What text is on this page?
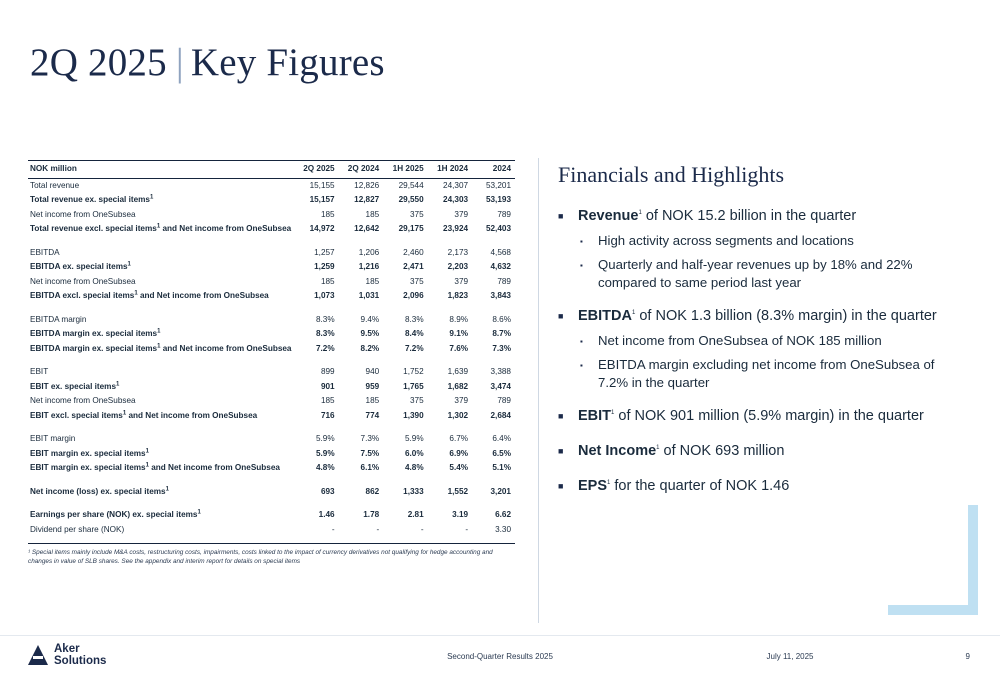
2Q 2025 | Key Figures
NOK million	2Q 2025	2Q 2024	1H 2025	1H 2024	2024
Total revenue	15,155	12,826	29,544	24,307	53,201
Total revenue ex. special items$^1$	15,157	12,827	29,550	24,303	53,193
Net income from OneSubsea	185	185	375	379	789
Total revenue excl. special items$^1$ and Net income from OneSubsea	14,972	12,642	29,175	23,924	52,403

EBITDA	1,257	1,206	2,460	2,173	4,568
EBITDA ex. special items$^1$	1,259	1,216	2,471	2,203	4,632
Net income from OneSubsea	185	185	375	379	789
EBITDA excl. special items$^1$ and Net income from OneSubsea	1,073	1,031	2,096	1,823	3,843

EBITDA margin	8.3%	9.4%	8.3%	8.9%	8.6%
EBITDA margin ex. special items$^1$	8.3%	9.5%	8.4%	9.1%	8.7%
EBITDA margin ex. special items$^1$ and Net income from OneSubsea	7.2%	8.2%	7.2%	7.6%	7.3%

EBIT	899	940	1,752	1,639	3,388
EBIT ex. special items$^1$	901	959	1,765	1,682	3,474
Net income from OneSubsea	185	185	375	379	789
EBIT excl. special items$^1$ and Net income from OneSubsea	716	774	1,390	1,302	2,684

EBIT margin	5.9%	7.3%	5.9%	6.7%	6.4%
EBIT margin ex. special items$^1$	5.9%	7.5%	6.0%	6.9%	6.5%
EBIT margin ex. special items$^1$ and Net income from OneSubsea	4.8%	6.1%	4.8%	5.4%	5.1%

Net income (loss) ex. special items$^1$	693	862	1,333	1,552	3,201

Earnings per share (NOK) ex. special items$^1$	1.46	1.78	2.81	3.19	6.62
Dividend per share (NOK)	-	-	-	-	3.30
¹ Special items mainly include M&A costs, restructuring costs, impairments, costs linked to the impact of currency derivatives not qualifying for hedge accounting and changes in value of SLB shares. See the appendix and interim report for details on special items
Financials and Highlights
■	Revenue$^1$ of NOK 15.2 billion in the quarter
▪	High activity across segments and locations
▪	Quarterly and half-year revenues up by 18% and 22% compared to same period last year
■	EBITDA$^1$ of NOK 1.3 billion (8.3% margin) in the quarter
▪	Net income from OneSubsea of NOK 185 million
▪	EBITDA margin excluding net income from OneSubsea of 7.2% in the quarter
■	EBIT$^1$ of NOK 901 million (5.9% margin) in the quarter
■	Net Income$^1$ of NOK 693 million
■	EPS$^1$ for the quarter of NOK 1.46
Aker
Solutions	Second-Quarter Results 2025	July 11, 2025	9
